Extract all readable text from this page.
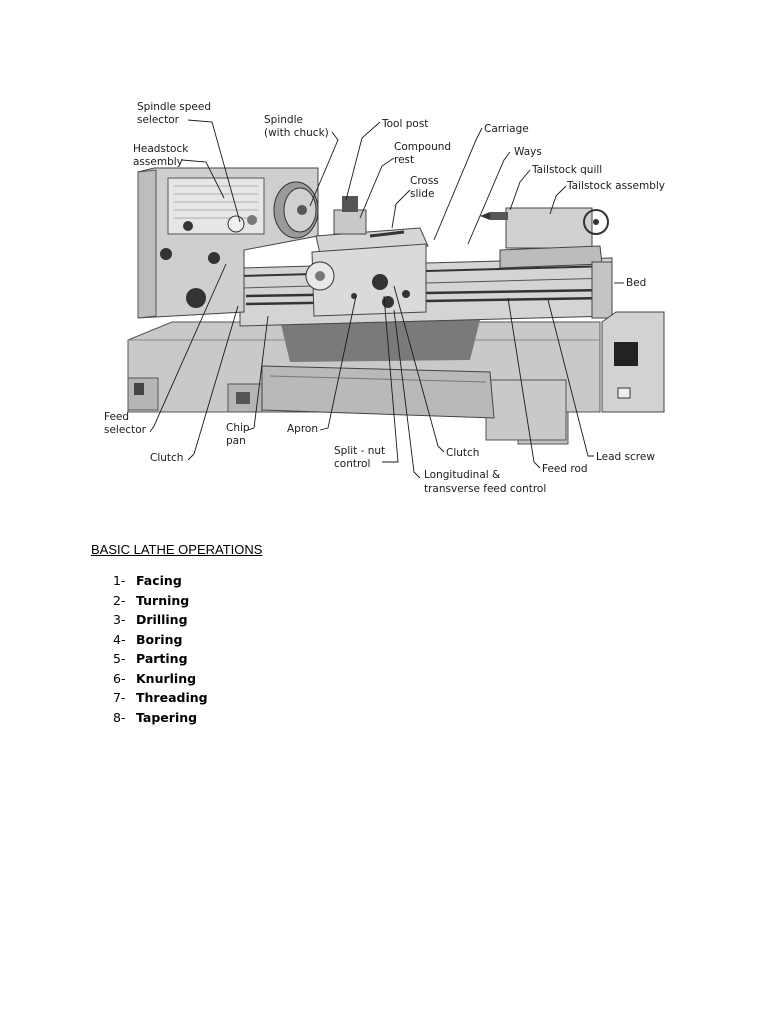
Spindle speed
selector
Headstock
assembly
Spindle
(with chuck)
Tool post
Compound
rest
Cross
slide
Carriage
Ways
Tailstock quill
Tailstock assembly
Bed
Feed
selector
Clutch
Chip
pan
Apron
Split - nut
control
Clutch
Longitudinal &
transverse feed control
Feed rod
Lead screw
BASIC LATHE OPERATIONS
1- Facing
2- Turning
3- Drilling
4- Boring
5- Parting
6- Knurling
7- Threading
8- Tapering
